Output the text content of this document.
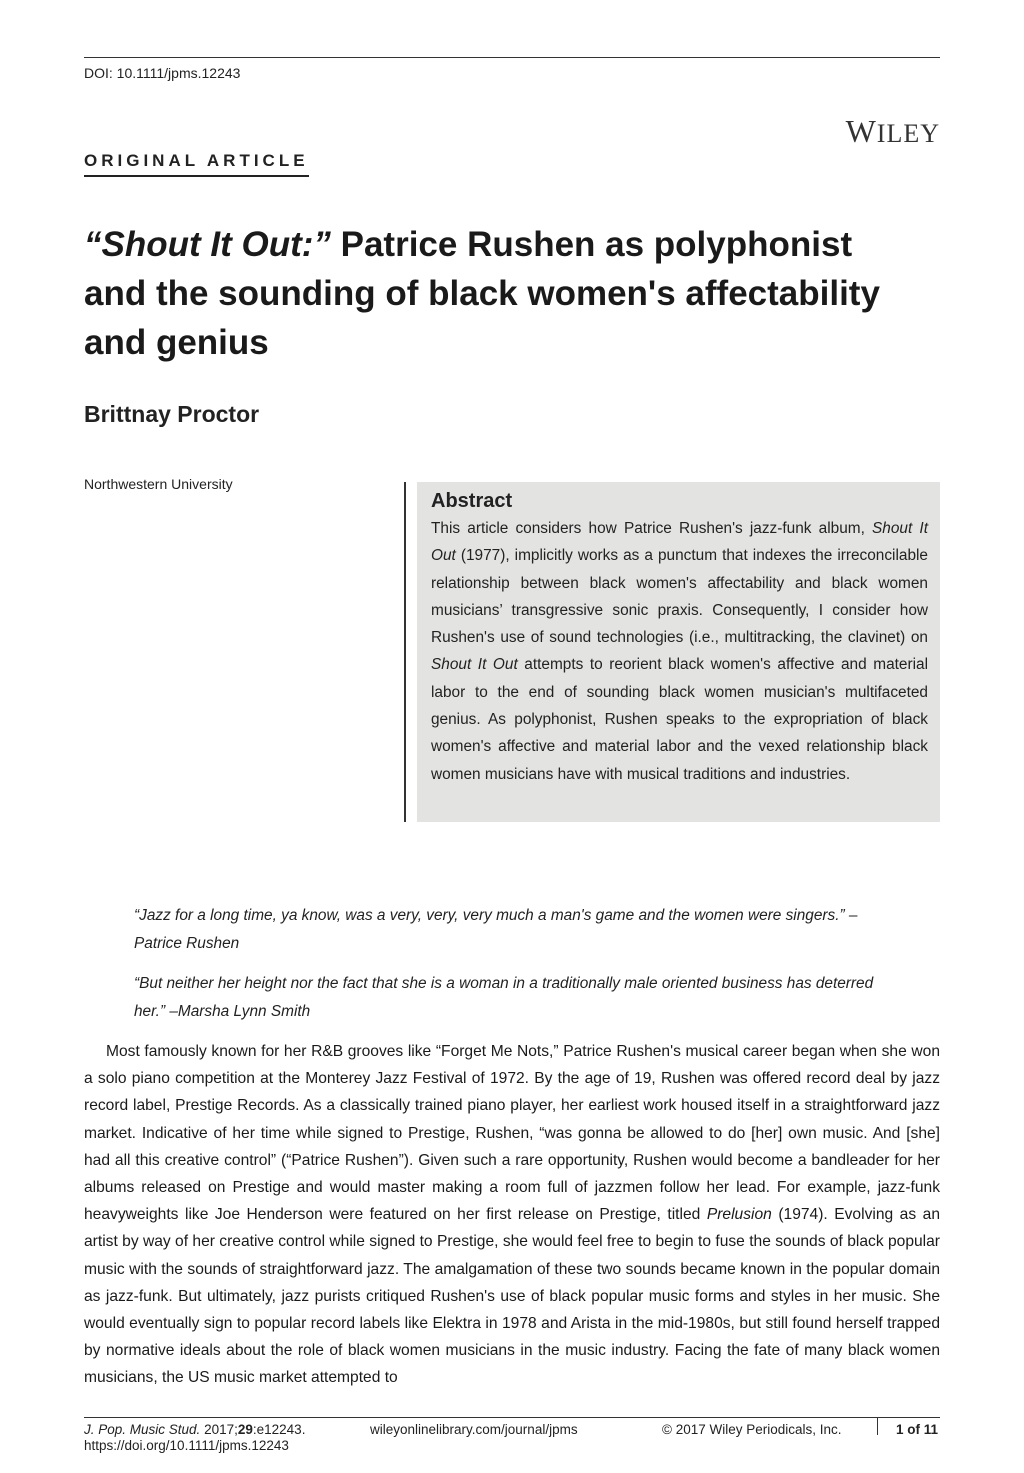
DOI: 10.1111/jpms.12243
WILEY
ORIGINAL ARTICLE
“Shout It Out:” Patrice Rushen as polyphonist and the sounding of black women's affectability and genius
Brittnay Proctor
Northwestern University
Abstract
This article considers how Patrice Rushen's jazz-funk album, Shout It Out (1977), implicitly works as a punctum that indexes the irreconcilable relationship between black women's affectability and black women musicians’ transgressive sonic praxis. Consequently, I consider how Rushen's use of sound technologies (i.e., multitracking, the clavinet) on Shout It Out attempts to reorient black women's affective and material labor to the end of sounding black women musician's multifaceted genius. As polyphonist, Rushen speaks to the expropriation of black women's affective and material labor and the vexed relationship black women musicians have with musical traditions and industries.
“Jazz for a long time, ya know, was a very, very, very much a man's game and the women were singers.” –Patrice Rushen
“But neither her height nor the fact that she is a woman in a traditionally male oriented business has deterred her.” –Marsha Lynn Smith

Most famously known for her R&B grooves like “Forget Me Nots,” Patrice Rushen's musical career began when she won a solo piano competition at the Monterey Jazz Festival of 1972. By the age of 19, Rushen was offered record deal by jazz record label, Prestige Records. As a classically trained piano player, her earliest work housed itself in a straightforward jazz market. Indicative of her time while signed to Prestige, Rushen, “was gonna be allowed to do [her] own music. And [she] had all this creative control” (“Patrice Rushen”). Given such a rare opportunity, Rushen would become a bandleader for her albums released on Prestige and would master making a room full of jazzmen follow her lead. For example, jazz-funk heavyweights like Joe Henderson were featured on her first release on Prestige, titled Prelusion (1974). Evolving as an artist by way of her creative control while signed to Prestige, she would feel free to begin to fuse the sounds of black popular music with the sounds of straightforward jazz. The amalgamation of these two sounds became known in the popular domain as jazz-funk. But ultimately, jazz purists critiqued Rushen's use of black popular music forms and styles in her music. She would eventually sign to popular record labels like Elektra in 1978 and Arista in the mid-1980s, but still found herself trapped by normative ideals about the role of black women musicians in the music industry. Facing the fate of many black women musicians, the US music market attempted to

J. Pop. Music Stud. 2017;29:e12243.
https://doi.org/10.1111/jpms.12243
wileyonlinelibrary.com/journal/jpms	© 2017 Wiley Periodicals, Inc.	1 of 11
